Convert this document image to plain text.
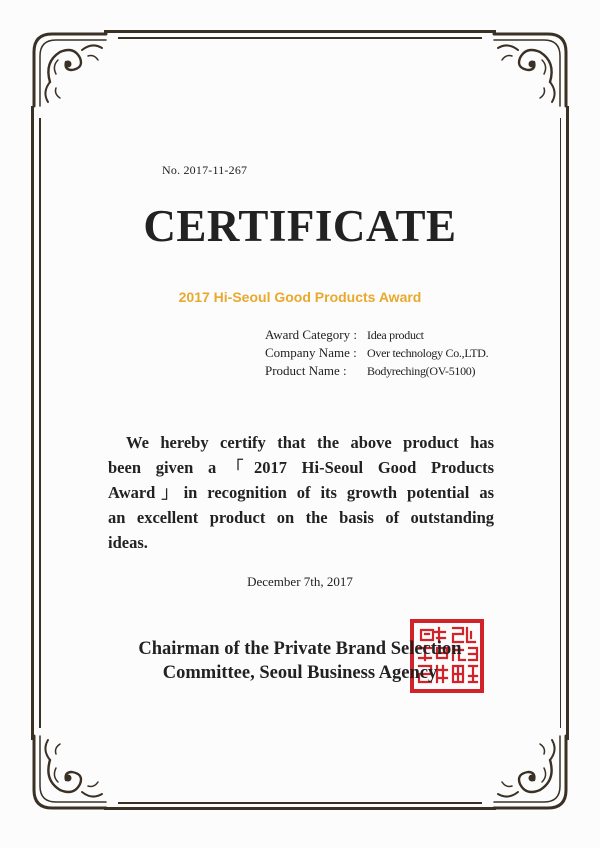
No. 2017-11-267
CERTIFICATE
2017 Hi-Seoul Good Products Award
Award Category : Idea product
Company Name : Over technology Co.,LTD.
Product Name :	Bodyreching(OV-5100)
We hereby certify that the above product has
been given a「2017 Hi-Seoul Good Products
Award」in recognition of its growth potential as
an excellent product on the basis of outstanding
ideas.
December 7th, 2017
Chairman of the Private Brand Selection
Committee, Seoul Business Agency
